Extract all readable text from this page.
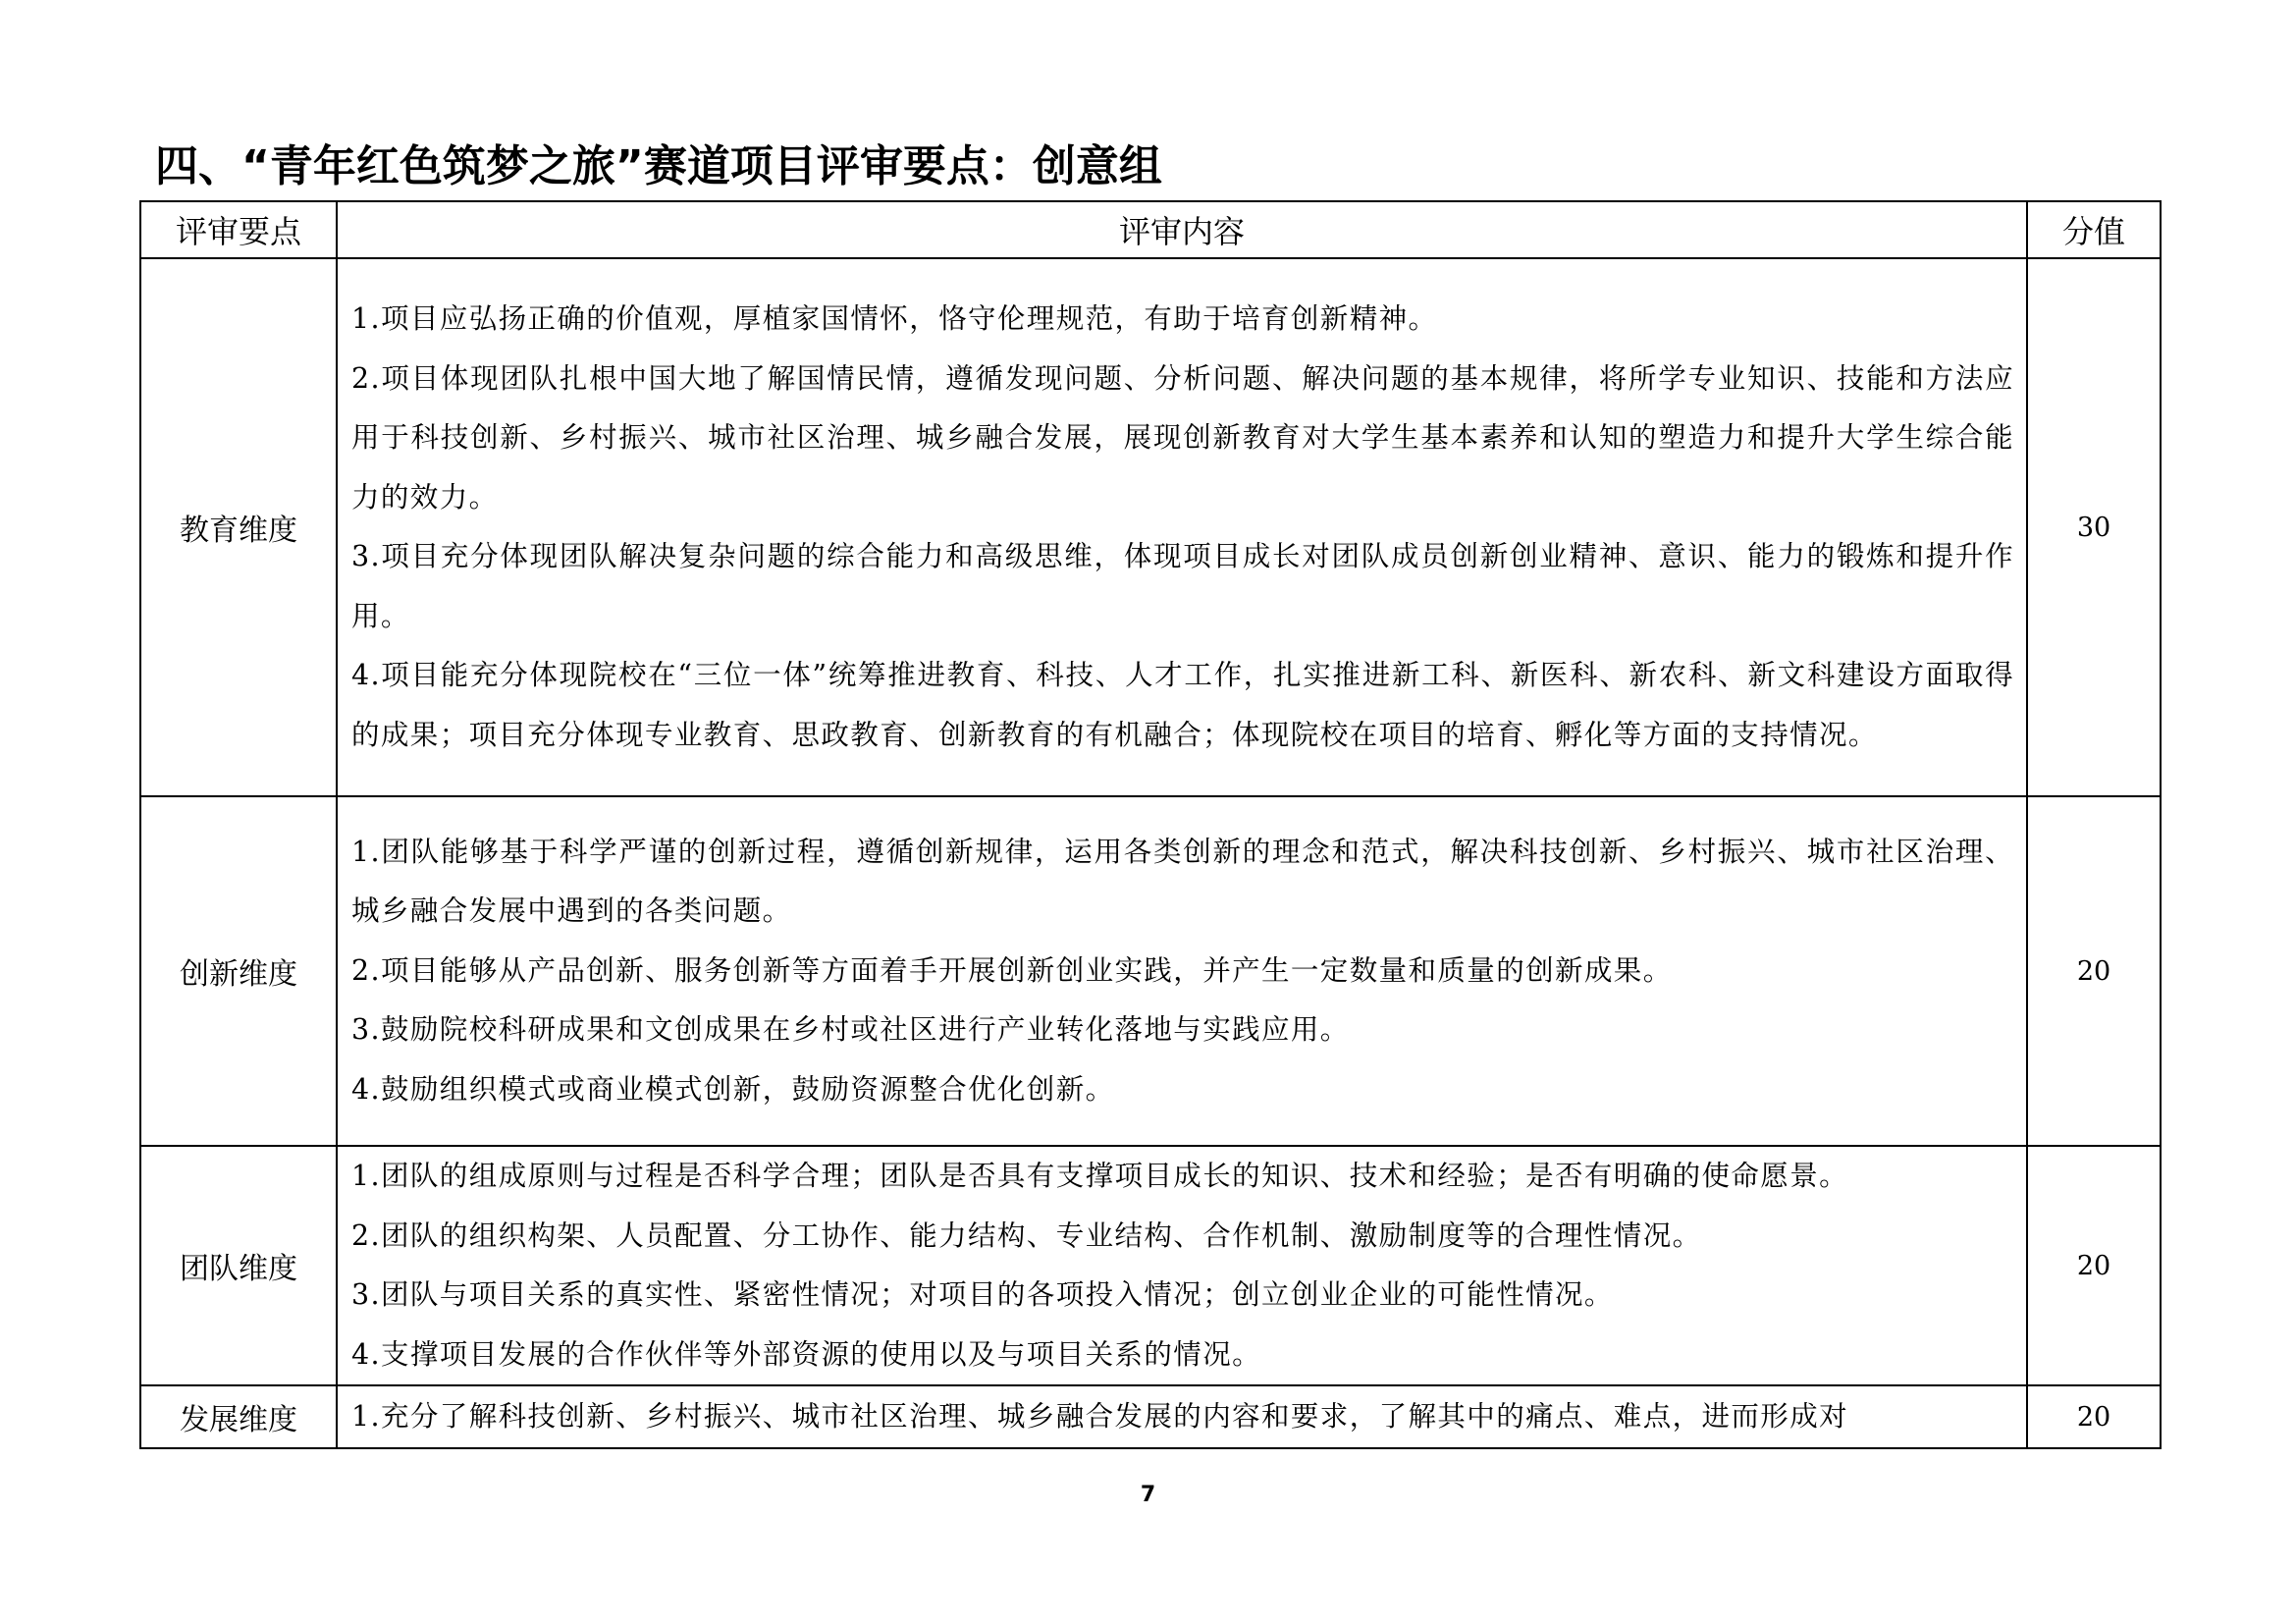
四、“青年红色筑梦之旅”赛道项目评审要点：创意组
评审要点	评审内容	分值
教育维度	1.项目应弘扬正确的价值观，厚植家国情怀，恪守伦理规范，有助于培育创新精神。

2.项目体现团队扎根中国大地了解国情民情，遵循发现问题、分析问题、解决问题的基本规律，将所学专业知识、技能和方法应用于科技创新、乡村振兴、城市社区治理、城乡融合发展，展现创新教育对大学生基本素养和认知的塑造力和提升大学生综合能力的效力。

3.项目充分体现团队解决复杂问题的综合能力和高级思维，体现项目成长对团队成员创新创业精神、意识、能力的锻炼和提升作用。

4.项目能充分体现院校在“三位一体”统筹推进教育、科技、人才工作，扎实推进新工科、新医科、新农科、新文科建设方面取得的成果；项目充分体现专业教育、思政教育、创新教育的有机融合；体现院校在项目的培育、孵化等方面的支持情况。	30
创新维度	1.团队能够基于科学严谨的创新过程，遵循创新规律，运用各类创新的理念和范式，解决科技创新、乡村振兴、城市社区治理、城乡融合发展中遇到的各类问题。

2.项目能够从产品创新、服务创新等方面着手开展创新创业实践，并产生一定数量和质量的创新成果。

3.鼓励院校科研成果和文创成果在乡村或社区进行产业转化落地与实践应用。

4.鼓励组织模式或商业模式创新，鼓励资源整合优化创新。	20
团队维度	1.团队的组成原则与过程是否科学合理；团队是否具有支撑项目成长的知识、技术和经验；是否有明确的使命愿景。

2.团队的组织构架、人员配置、分工协作、能力结构、专业结构、合作机制、激励制度等的合理性情况。

3.团队与项目关系的真实性、紧密性情况；对项目的各项投入情况；创立创业企业的可能性情况。

4.支撑项目发展的合作伙伴等外部资源的使用以及与项目关系的情况。	20
发展维度	1.充分了解科技创新、乡村振兴、城市社区治理、城乡融合发展的内容和要求，了解其中的痛点、难点，进而形成对	20
7
